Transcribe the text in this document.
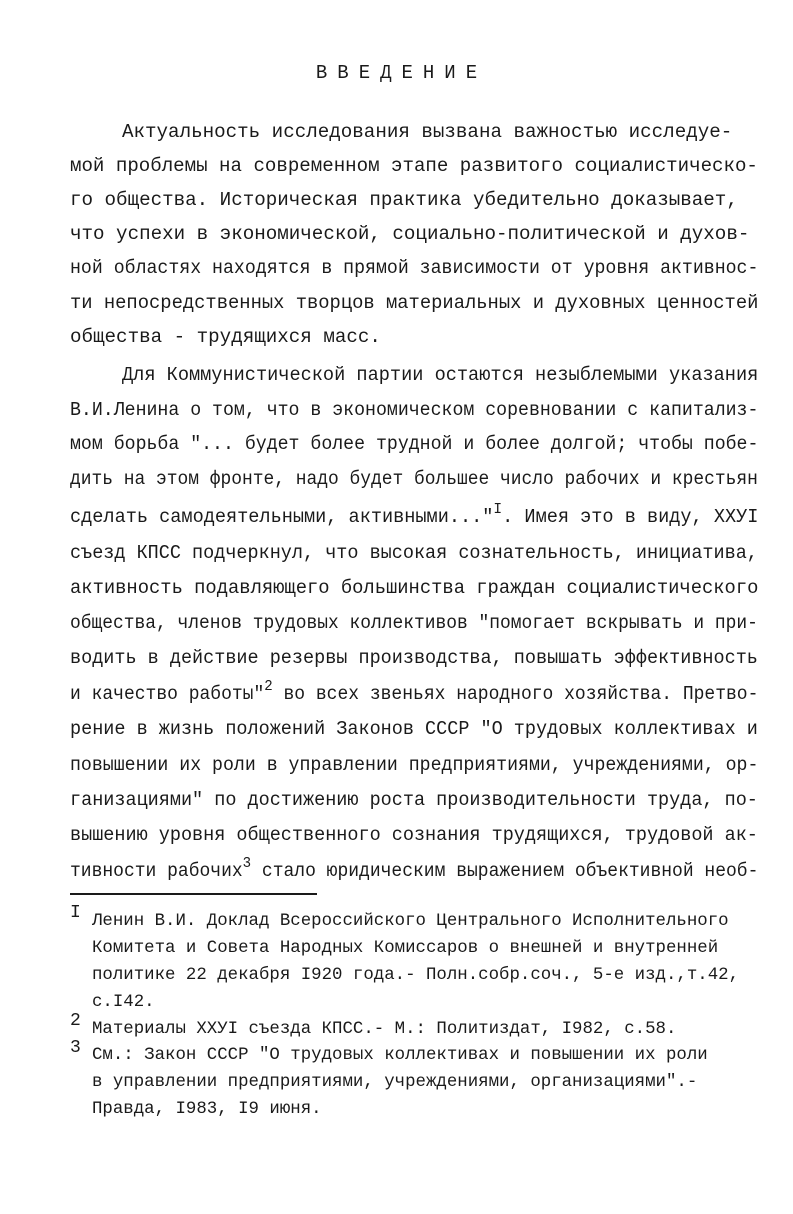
ВВЕДЕНИЕ
Актуальность исследования вызвана важностью исследуе-
мой проблемы на современном этапе развитого социалистическо-
го общества. Историческая практика убедительно доказывает,
что успехи в экономической, социально-политической и духов-
ной областях находятся в прямой зависимости от уровня активнос-
ти непосредственных творцов материальных и духовных ценностей
общества - трудящихся масс.
Для Коммунистической партии остаются незыблемыми указания
В.И.Ленина о том, что в экономическом соревновании с капитализ-
мом борьба "... будет более трудной и более долгой; чтобы побе-
дить на этом фронте, надо будет большее число рабочих и крестьян
сделать самодеятельными, активными..."$^I$. Имея это в виду, XXУI
съезд КПСС подчеркнул, что высокая сознательность, инициатива,
активность подавляющего большинства граждан социалистического
общества, членов трудовых коллективов "помогает вскрывать и при-
водить в действие резервы производства, повышать эффективность
и качество работы"$^2$ во всех звеньях народного хозяйства. Претво-
рение в жизнь положений Законов СССР "О трудовых коллективах и
повышении их роли в управлении предприятиями, учреждениями, ор-
ганизациями" по достижению роста производительности труда, по-
вышению уровня общественного сознания трудящихся, трудовой ак-
тивности рабочих$^3$ стало юридическим выражением объективной необ-
I Ленин В.И. Доклад Всероссийского Центрального Исполнительного
Комитета и Совета Народных Комиссаров о внешней и внутренней
политике 22 декабря I920 года.- Полн.собр.соч., 5-е изд.,т.42,
с.I42.
2 Материалы XXУI съезда КПСС.- М.: Политиздат, I982, с.58.
3 См.: Закон СССР "О трудовых коллективах и повышении их роли
в управлении предприятиями, учреждениями, организациями".-
Правда, I983, I9 июня.
